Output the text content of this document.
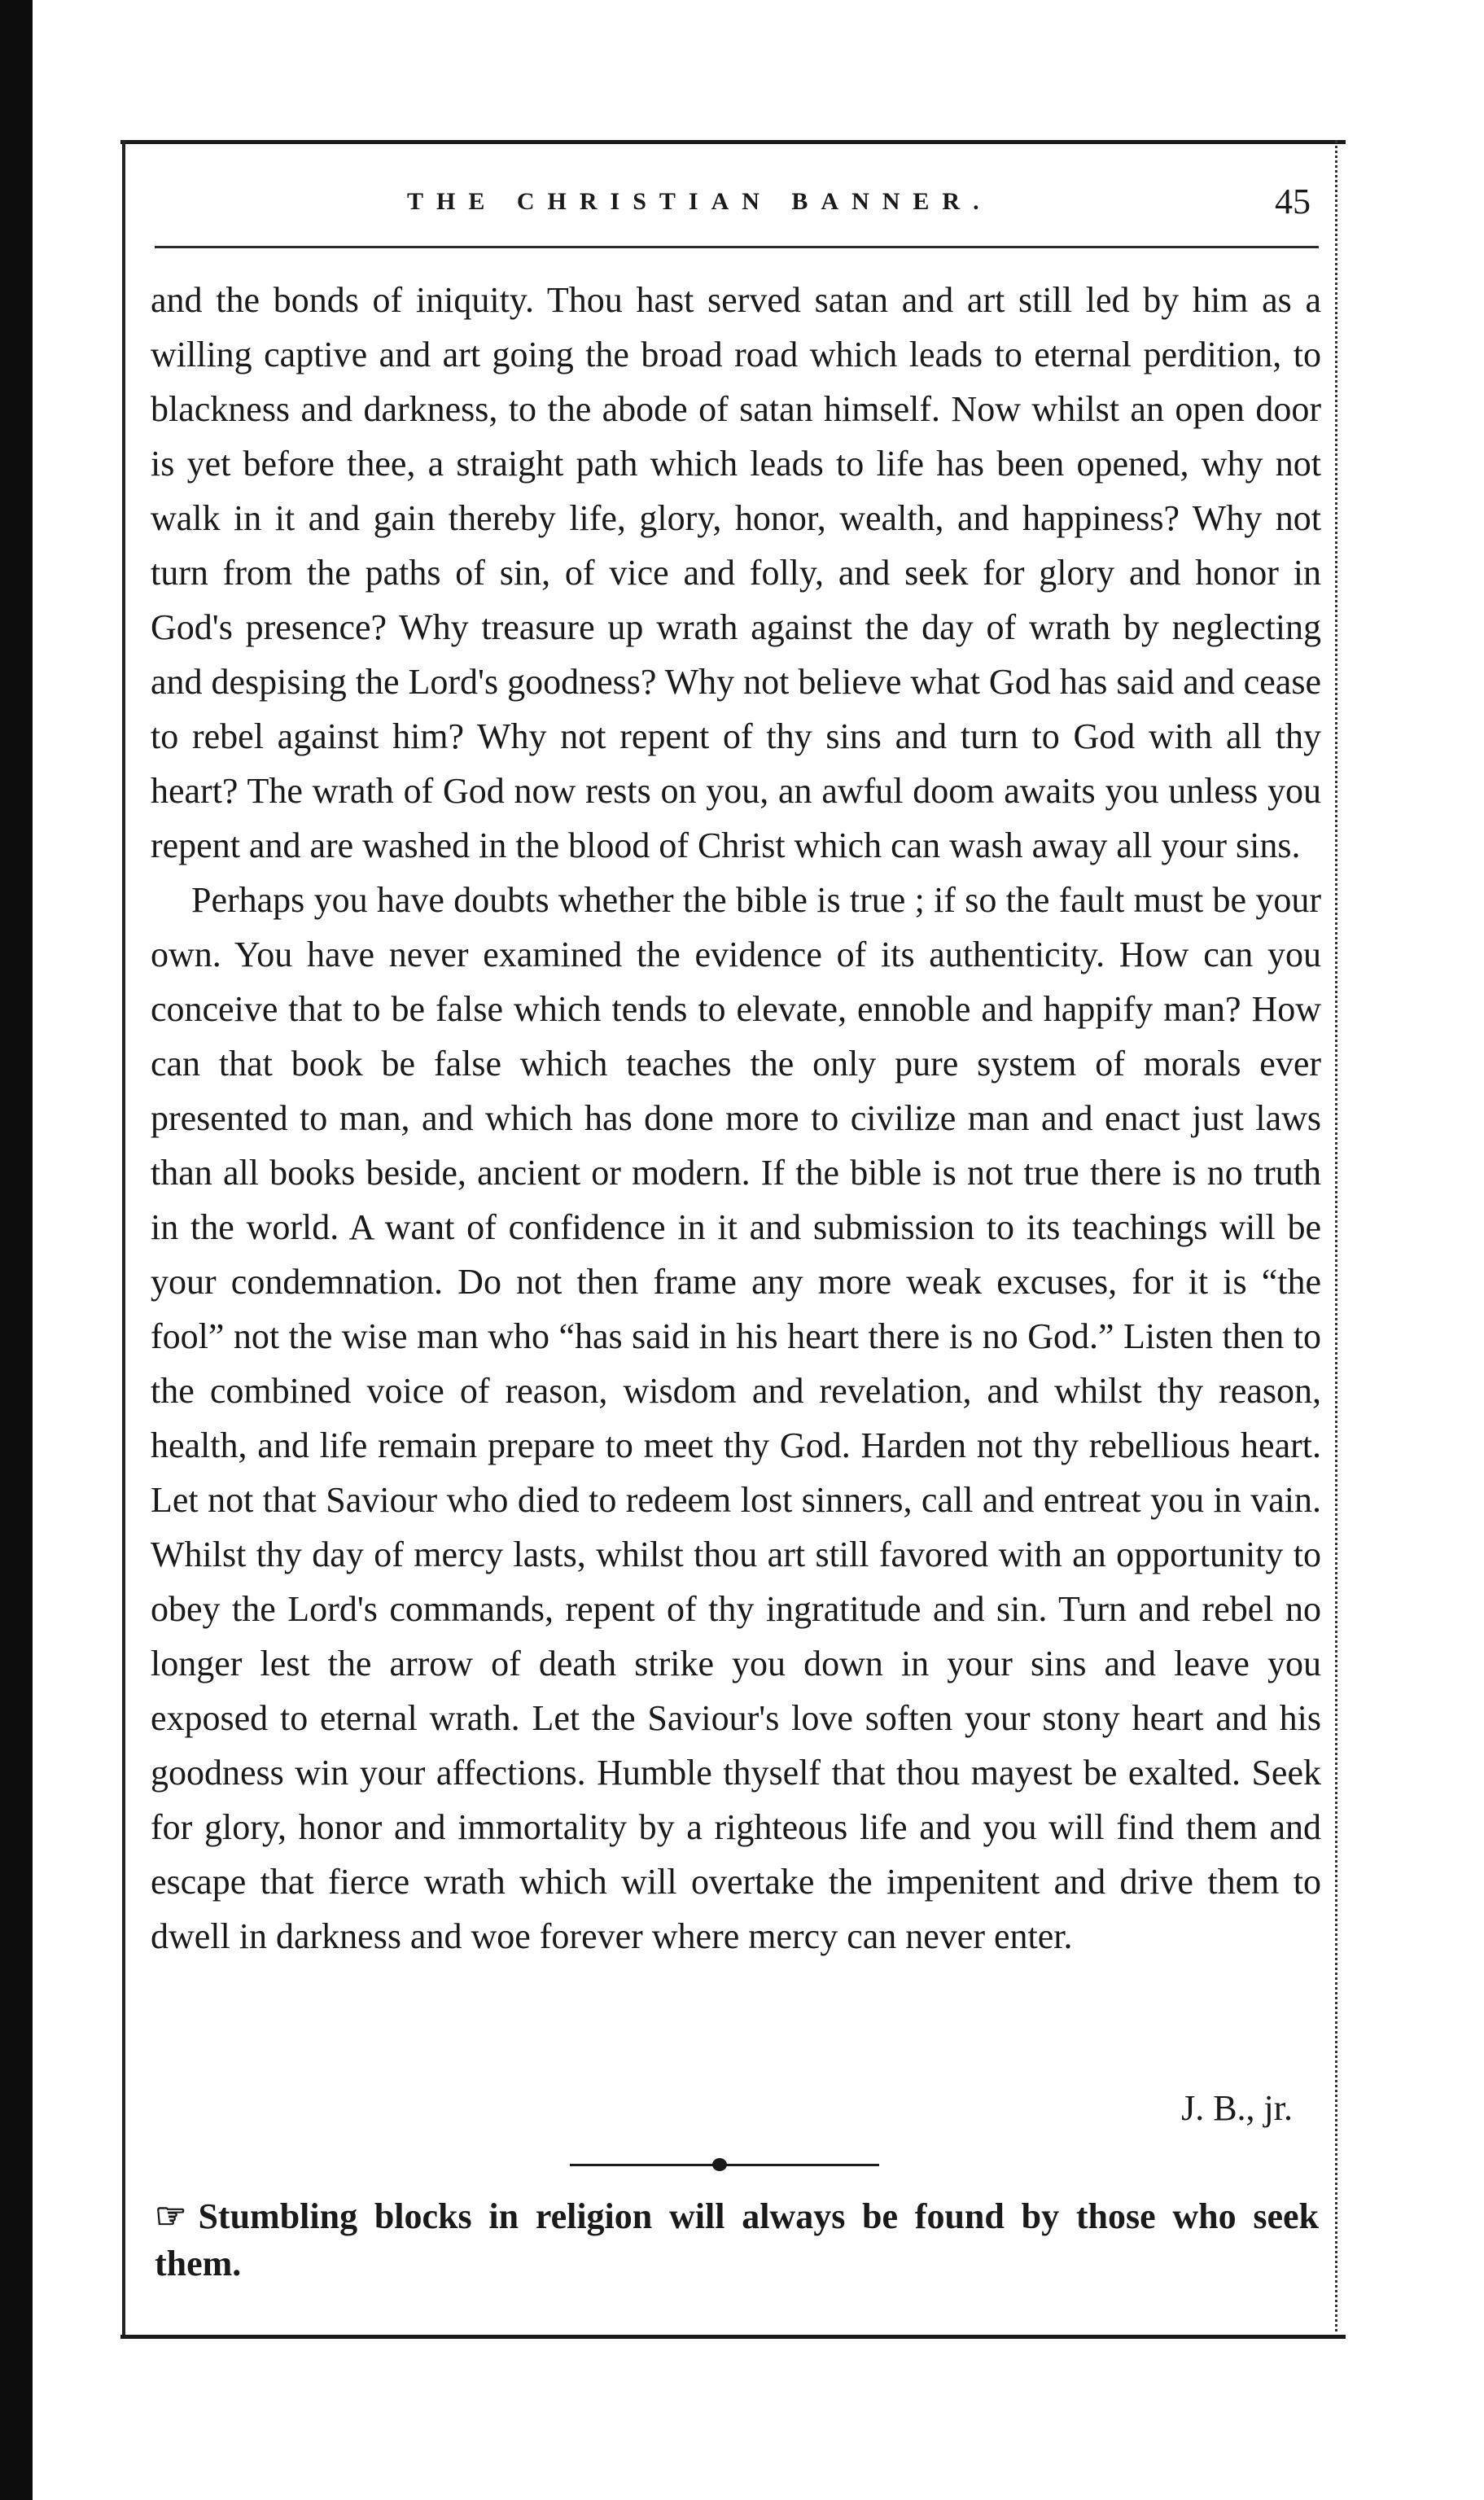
THE CHRISTIAN BANNER.	45

and the bonds of iniquity. Thou hast served satan and art still led by him as a willing captive and art going the broad road which leads to eternal perdition, to blackness and darkness, to the abode of satan himself. Now whilst an open door is yet before thee, a straight path which leads to life has been opened, why not walk in it and gain thereby life, glory, honor, wealth, and happiness? Why not turn from the paths of sin, of vice and folly, and seek for glory and honor in God's presence? Why treasure up wrath against the day of wrath by neglecting and despising the Lord's goodness? Why not believe what God has said and cease to rebel against him? Why not repent of thy sins and turn to God with all thy heart? The wrath of God now rests on you, an awful doom awaits you unless you repent and are washed in the blood of Christ which can wash away all your sins.

Perhaps you have doubts whether the bible is true ; if so the fault must be your own. You have never examined the evidence of its authenticity. How can you conceive that to be false which tends to elevate, ennoble and happify man? How can that book be false which teaches the only pure system of morals ever presented to man, and which has done more to civilize man and enact just laws than all books beside, ancient or modern. If the bible is not true there is no truth in the world. A want of confidence in it and submission to its teachings will be your condemnation. Do not then frame any more weak excuses, for it is “the fool” not the wise man who “has said in his heart there is no God.” Listen then to the combined voice of reason, wisdom and revelation, and whilst thy reason, health, and life remain prepare to meet thy God. Harden not thy rebellious heart. Let not that Saviour who died to redeem lost sinners, call and entreat you in vain. Whilst thy day of mercy lasts, whilst thou art still favored with an opportunity to obey the Lord's commands, repent of thy ingratitude and sin. Turn and rebel no longer lest the arrow of death strike you down in your sins and leave you exposed to eternal wrath. Let the Saviour's love soften your stony heart and his goodness win your affections. Humble thyself that thou mayest be exalted. Seek for glory, honor and immortality by a righteous life and you will find them and escape that fierce wrath which will overtake the impenitent and drive them to dwell in darkness and woe forever where mercy can never enter.

J. B., jr.
☞ Stumbling blocks in religion will always be found by those who seek them.
